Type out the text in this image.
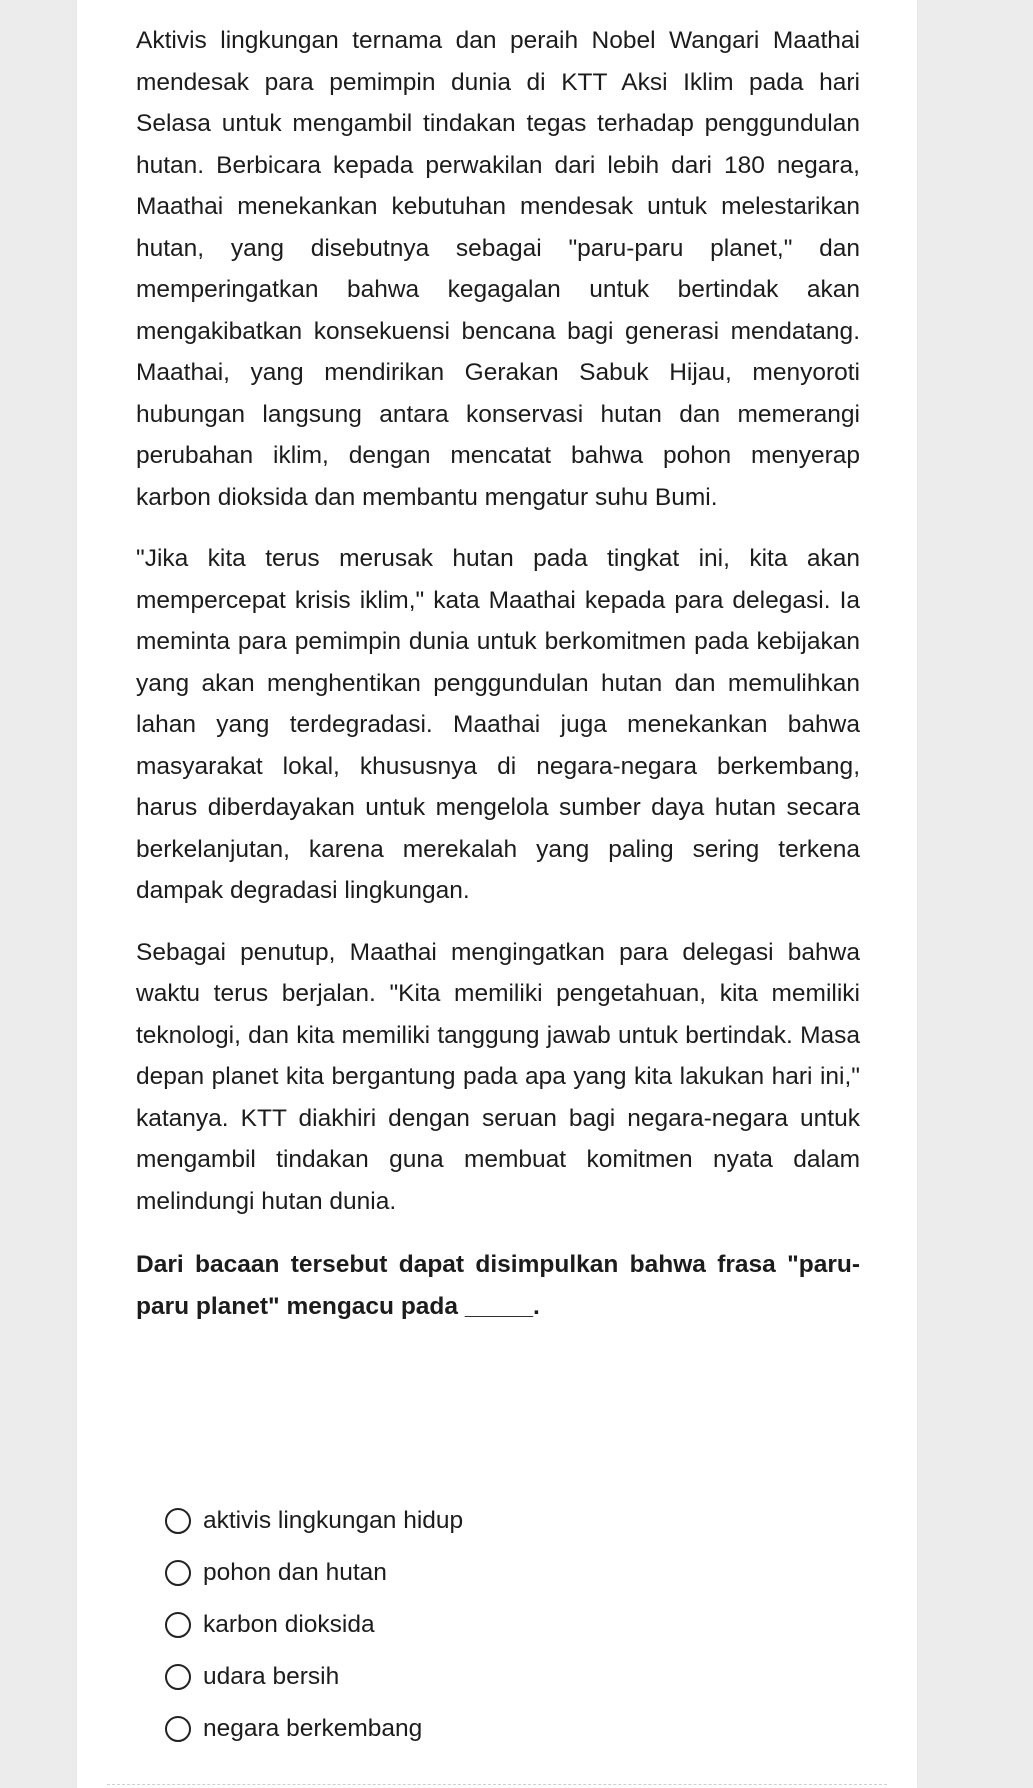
Aktivis lingkungan ternama dan peraih Nobel Wangari Maathai mendesak para pemimpin dunia di KTT Aksi Iklim pada hari Selasa untuk mengambil tindakan tegas terhadap penggundulan hutan. Berbicara kepada perwakilan dari lebih dari 180 negara, Maathai menekankan kebutuhan mendesak untuk melestarikan hutan, yang disebutnya sebagai "paru-paru planet," dan memperingatkan bahwa kegagalan untuk bertindak akan mengakibatkan konsekuensi bencana bagi generasi mendatang. Maathai, yang mendirikan Gerakan Sabuk Hijau, menyoroti hubungan langsung antara konservasi hutan dan memerangi perubahan iklim, dengan mencatat bahwa pohon menyerap karbon dioksida dan membantu mengatur suhu Bumi.

"Jika kita terus merusak hutan pada tingkat ini, kita akan mempercepat krisis iklim," kata Maathai kepada para delegasi. Ia meminta para pemimpin dunia untuk berkomitmen pada kebijakan yang akan menghentikan penggundulan hutan dan memulihkan lahan yang terdegradasi. Maathai juga menekankan bahwa masyarakat lokal, khususnya di negara-negara berkembang, harus diberdayakan untuk mengelola sumber daya hutan secara berkelanjutan, karena merekalah yang paling sering terkena dampak degradasi lingkungan.

Sebagai penutup, Maathai mengingatkan para delegasi bahwa waktu terus berjalan. "Kita memiliki pengetahuan, kita memiliki teknologi, dan kita memiliki tanggung jawab untuk bertindak. Masa depan planet kita bergantung pada apa yang kita lakukan hari ini," katanya. KTT diakhiri dengan seruan bagi negara-negara untuk mengambil tindakan guna membuat komitmen nyata dalam melindungi hutan dunia.

Dari bacaan tersebut dapat disimpulkan bahwa frasa "paru-paru planet" mengacu pada _____.
aktivis lingkungan hidup
pohon dan hutan
karbon dioksida
udara bersih
negara berkembang
